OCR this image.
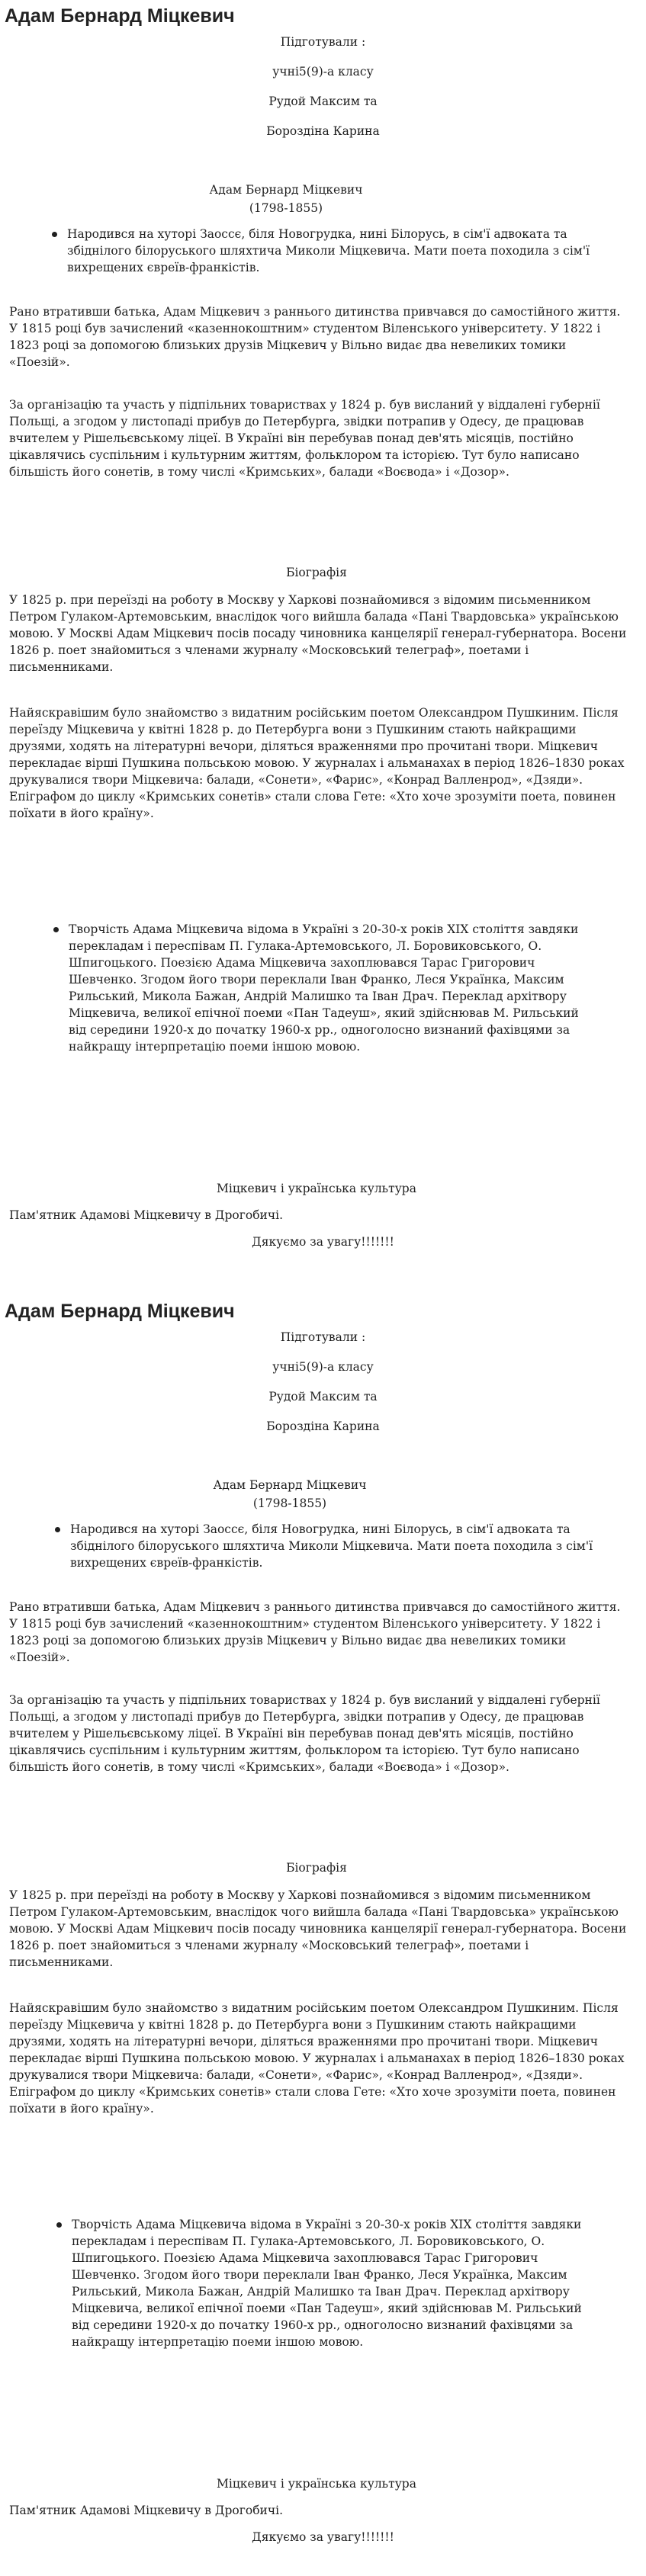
Адам Бернард Міцкевич
Підготували :
учні5(9)-а класу
Рудой Максим та
Бороздіна Карина
Адам Бернард Міцкевич
(1798-1855)

Народився на хуторі Заоссє, біля Новогрудка, нині Білорусь, в сім'ї адвоката та збіднілого білоруського шляхтича Миколи Міцкевича. Мати поета походила з сім'ї вихрещених євреїв-франкістів.

Рано втративши батька, Адам Міцкевич з раннього дитинства привчався до самостійного життя. У 1815 році був зачислений «казеннокоштним» студентом Віленського університету. У 1822 і 1823 році за допомогою близьких друзів Міцкевич у Вільно видає два невеликих томики «Поезій».

За організацію та участь у підпільних товариствах у 1824 р. був висланий у віддалені губернії Польщі, а згодом у листопаді прибув до Петербурга, звідки потрапив у Одесу, де працював вчителем у Рішельєвському ліцеї. В Україні він перебував понад дев'ять місяців, постійно цікавлячись суспільним і культурним життям, фольклором та історією. Тут було написано більшість його сонетів, в тому числі «Кримських», балади «Воєвода» і «Дозор».

Біографія

У 1825 р. при переїзді на роботу в Москву у Харкові познайомився з відомим письменником Петром Гулаком-Артемовським, внаслідок чого вийшла балада «Пані Твардовська» українською мовою. У Москві Адам Міцкевич посів посаду чиновника канцелярії генерал-губернатора. Восени 1826 р. поет знайомиться з членами журналу «Московський телеграф», поетами і письменниками.

Найяскравішим було знайомство з видатним російським поетом Олександром Пушкиним. Після переїзду Міцкевича у квітні 1828 р. до Петербурга вони з Пушкиним стають найкращими друзями, ходять на літературні вечори, діляться враженнями про прочитані твори. Міцкевич перекладає вірші Пушкина польською мовою. У журналах і альманахах в період 1826–1830 роках друкувалися твори Міцкевича: балади, «Сонети», «Фарис», «Конрад Валленрод», «Дзяди». Епіграфом до циклу «Кримських сонетів» стали слова Гете: «Хто хоче зрозуміти поета, повинен поїхати в його країну».

Творчість Адама Міцкевича відома в Україні з 20-30-х років XIX століття завдяки перекладам і переспівам П. Гулака-Артемовського, Л. Боровиковського, О. Шпигоцького. Поезією Адама Міцкевича захоплювався Тарас Григорович Шевченко. Згодом його твори переклали Іван Франко, Леся Українка, Максим Рильський, Микола Бажан, Андрій Малишко та Іван Драч. Переклад архітвору Міцкевича, великої епічної поеми «Пан Тадеуш», який здійснював М. Рильський від середини 1920-х до початку 1960-х рр., одноголосно визнаний фахівцями за найкращу інтерпретацію поеми іншою мовою.

Міцкевич і українська культура
Пам'ятник Адамові Міцкевичу в Дрогобичі.
Дякуємо за увагу!!!!!!!
Адам Бернард Міцкевич
Підготували :
учні5(9)-а класу
Рудой Максим та
Бороздіна Карина
Адам Бернард Міцкевич
(1798-1855)

Народився на хуторі Заоссє, біля Новогрудка, нині Білорусь, в сім'ї адвоката та збіднілого білоруського шляхтича Миколи Міцкевича. Мати поета походила з сім'ї вихрещених євреїв-франкістів.

Рано втративши батька, Адам Міцкевич з раннього дитинства привчався до самостійного життя. У 1815 році був зачислений «казеннокоштним» студентом Віленського університету. У 1822 і 1823 році за допомогою близьких друзів Міцкевич у Вільно видає два невеликих томики «Поезій».

За організацію та участь у підпільних товариствах у 1824 р. був висланий у віддалені губернії Польщі, а згодом у листопаді прибув до Петербурга, звідки потрапив у Одесу, де працював вчителем у Рішельєвському ліцеї. В Україні він перебував понад дев'ять місяців, постійно цікавлячись суспільним і культурним життям, фольклором та історією. Тут було написано більшість його сонетів, в тому числі «Кримських», балади «Воєвода» і «Дозор».

Біографія

У 1825 р. при переїзді на роботу в Москву у Харкові познайомився з відомим письменником Петром Гулаком-Артемовським, внаслідок чого вийшла балада «Пані Твардовська» українською мовою. У Москві Адам Міцкевич посів посаду чиновника канцелярії генерал-губернатора. Восени 1826 р. поет знайомиться з членами журналу «Московський телеграф», поетами і письменниками.

Найяскравішим було знайомство з видатним російським поетом Олександром Пушкиним. Після переїзду Міцкевича у квітні 1828 р. до Петербурга вони з Пушкиним стають найкращими друзями, ходять на літературні вечори, діляться враженнями про прочитані твори. Міцкевич перекладає вірші Пушкина польською мовою. У журналах і альманахах в період 1826–1830 роках друкувалися твори Міцкевича: балади, «Сонети», «Фарис», «Конрад Валленрод», «Дзяди». Епіграфом до циклу «Кримських сонетів» стали слова Гете: «Хто хоче зрозуміти поета, повинен поїхати в його країну».

Творчість Адама Міцкевича відома в Україні з 20-30-х років XIX століття завдяки перекладам і переспівам П. Гулака-Артемовського, Л. Боровиковського, О. Шпигоцького. Поезією Адама Міцкевича захоплювався Тарас Григорович Шевченко. Згодом його твори переклали Іван Франко, Леся Українка, Максим Рильський, Микола Бажан, Андрій Малишко та Іван Драч. Переклад архітвору Міцкевича, великої епічної поеми «Пан Тадеуш», який здійснював М. Рильський від середини 1920-х до початку 1960-х рр., одноголосно визнаний фахівцями за найкращу інтерпретацію поеми іншою мовою.

Міцкевич і українська культура
Пам'ятник Адамові Міцкевичу в Дрогобичі.
Дякуємо за увагу!!!!!!!
